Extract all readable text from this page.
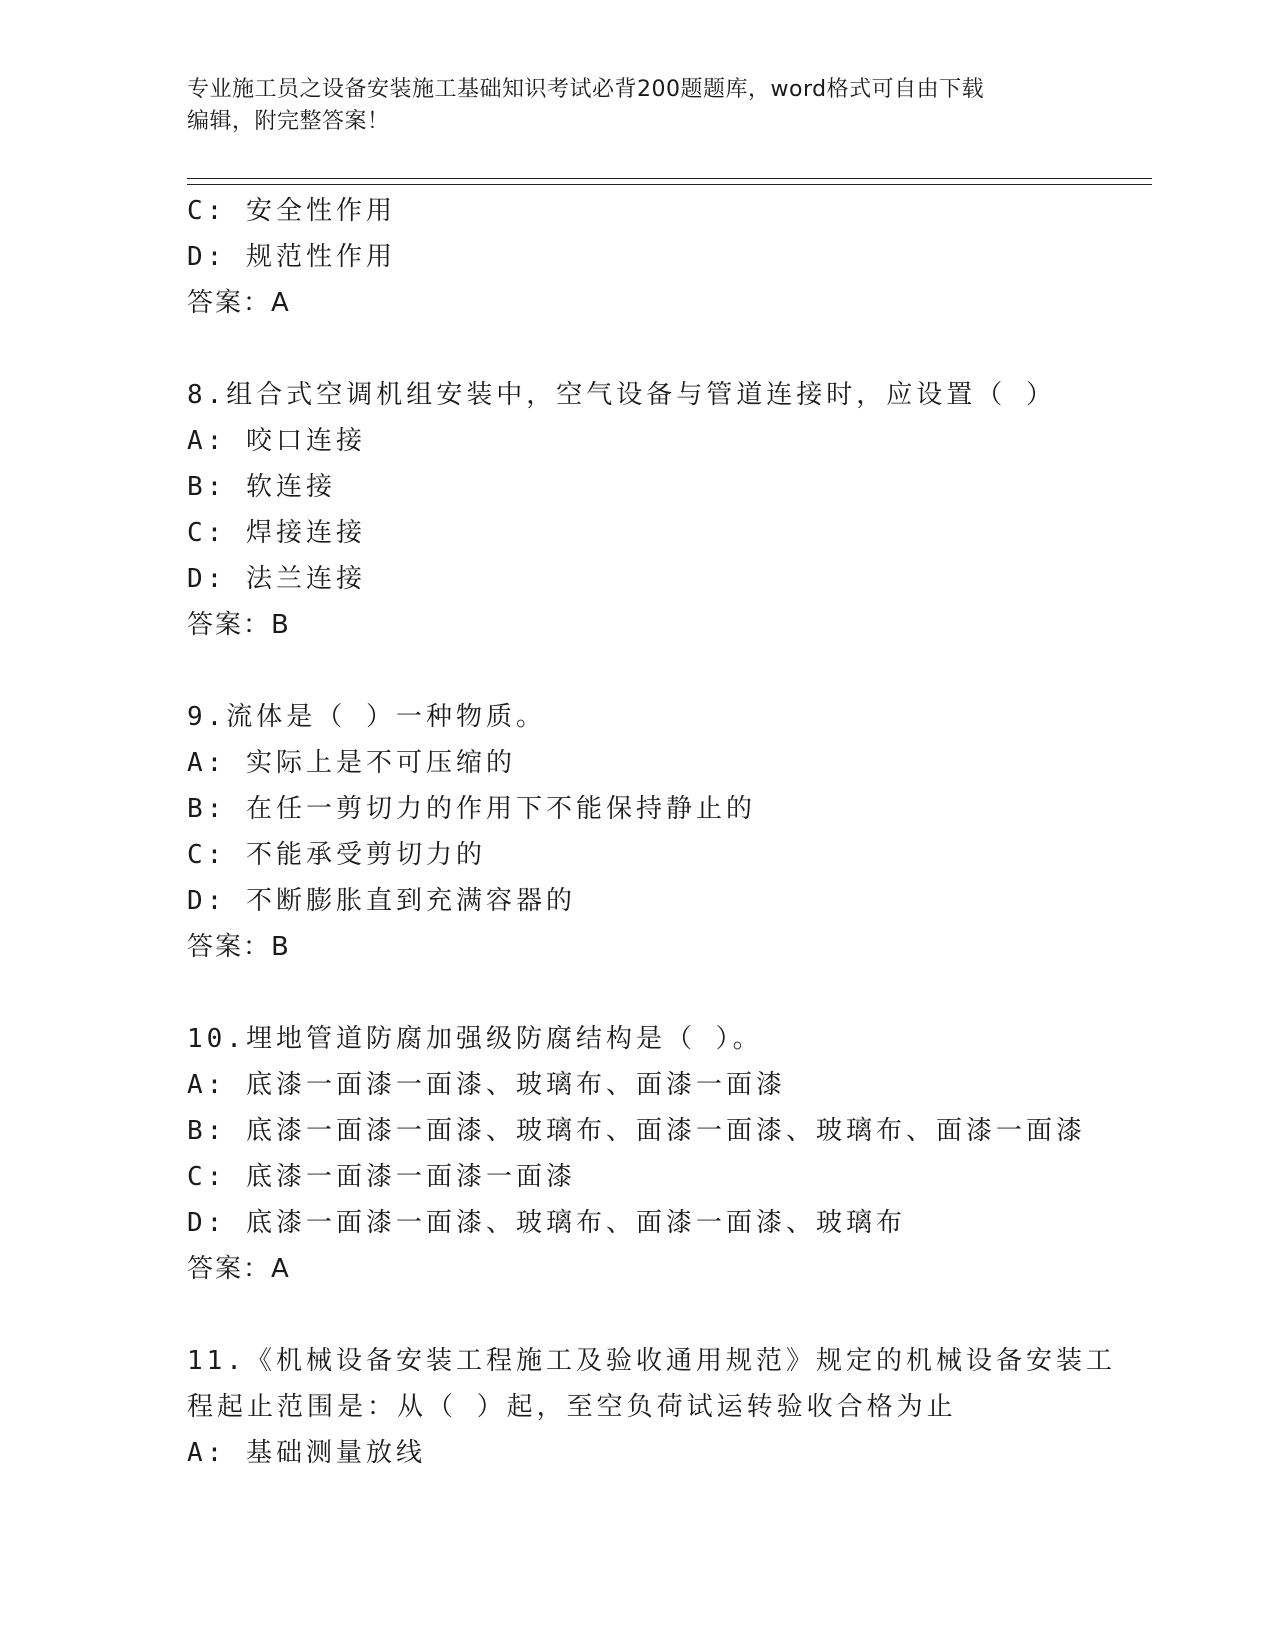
专业施工员之设备安装施工基础知识考试必背200题题库，word格式可自由下载
编辑，附完整答案！
C: 安全性作用
D: 规范性作用
答案：A
8.组合式空调机组安装中，空气设备与管道连接时，应设置（ ）
A: 咬口连接
B: 软连接
C: 焊接连接
D: 法兰连接
答案：B
9.流体是（ ）一种物质。
A: 实际上是不可压缩的
B: 在任一剪切力的作用下不能保持静止的
C: 不能承受剪切力的
D: 不断膨胀直到充满容器的
答案：B
10.埋地管道防腐加强级防腐结构是（ ）。
A: 底漆一面漆一面漆、玻璃布、面漆一面漆
B: 底漆一面漆一面漆、玻璃布、面漆一面漆、玻璃布、面漆一面漆
C: 底漆一面漆一面漆一面漆
D: 底漆一面漆一面漆、玻璃布、面漆一面漆、玻璃布
答案：A
11.《机械设备安装工程施工及验收通用规范》规定的机械设备安装工
程起止范围是：从（ ）起，至空负荷试运转验收合格为止
A: 基础测量放线
